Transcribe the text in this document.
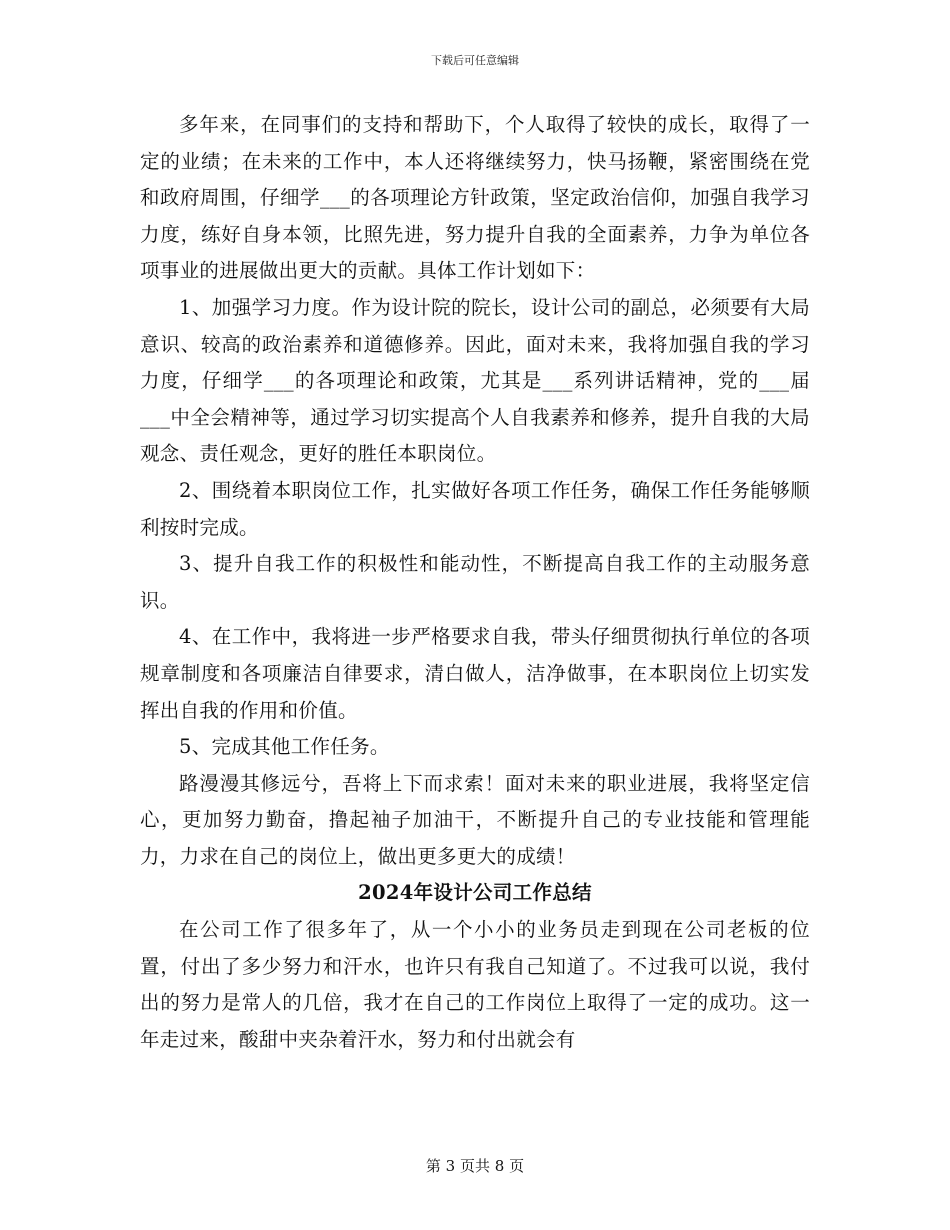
下载后可任意编辑

多年来，在同事们的支持和帮助下，个人取得了较快的成长，取得了一定的业绩；在未来的工作中，本人还将继续努力，快马扬鞭，紧密围绕在党和政府周围，仔细学___的各项理论方针政策，坚定政治信仰，加强自我学习力度，练好自身本领，比照先进，努力提升自我的全面素养，力争为单位各项事业的进展做出更大的贡献。具体工作计划如下：

1、加强学习力度。作为设计院的院长，设计公司的副总，必须要有大局意识、较高的政治素养和道德修养。因此，面对未来，我将加强自我的学习力度，仔细学___的各项理论和政策，尤其是___系列讲话精神，党的___届___中全会精神等，通过学习切实提高个人自我素养和修养，提升自我的大局观念、责任观念，更好的胜任本职岗位。

2、围绕着本职岗位工作，扎实做好各项工作任务，确保工作任务能够顺利按时完成。

3、提升自我工作的积极性和能动性，不断提高自我工作的主动服务意识。

4、在工作中，我将进一步严格要求自我，带头仔细贯彻执行单位的各项规章制度和各项廉洁自律要求，清白做人，洁净做事，在本职岗位上切实发挥出自我的作用和价值。

5、完成其他工作任务。

路漫漫其修远兮，吾将上下而求索！面对未来的职业进展，我将坚定信心，更加努力勤奋，撸起袖子加油干，不断提升自己的专业技能和管理能力，力求在自己的岗位上，做出更多更大的成绩！

2024年设计公司工作总结

在公司工作了很多年了，从一个小小的业务员走到现在公司老板的位置，付出了多少努力和汗水，也许只有我自己知道了。不过我可以说，我付出的努力是常人的几倍，我才在自己的工作岗位上取得了一定的成功。这一年走过来，酸甜中夹杂着汗水，努力和付出就会有

第 3 页共 8 页
